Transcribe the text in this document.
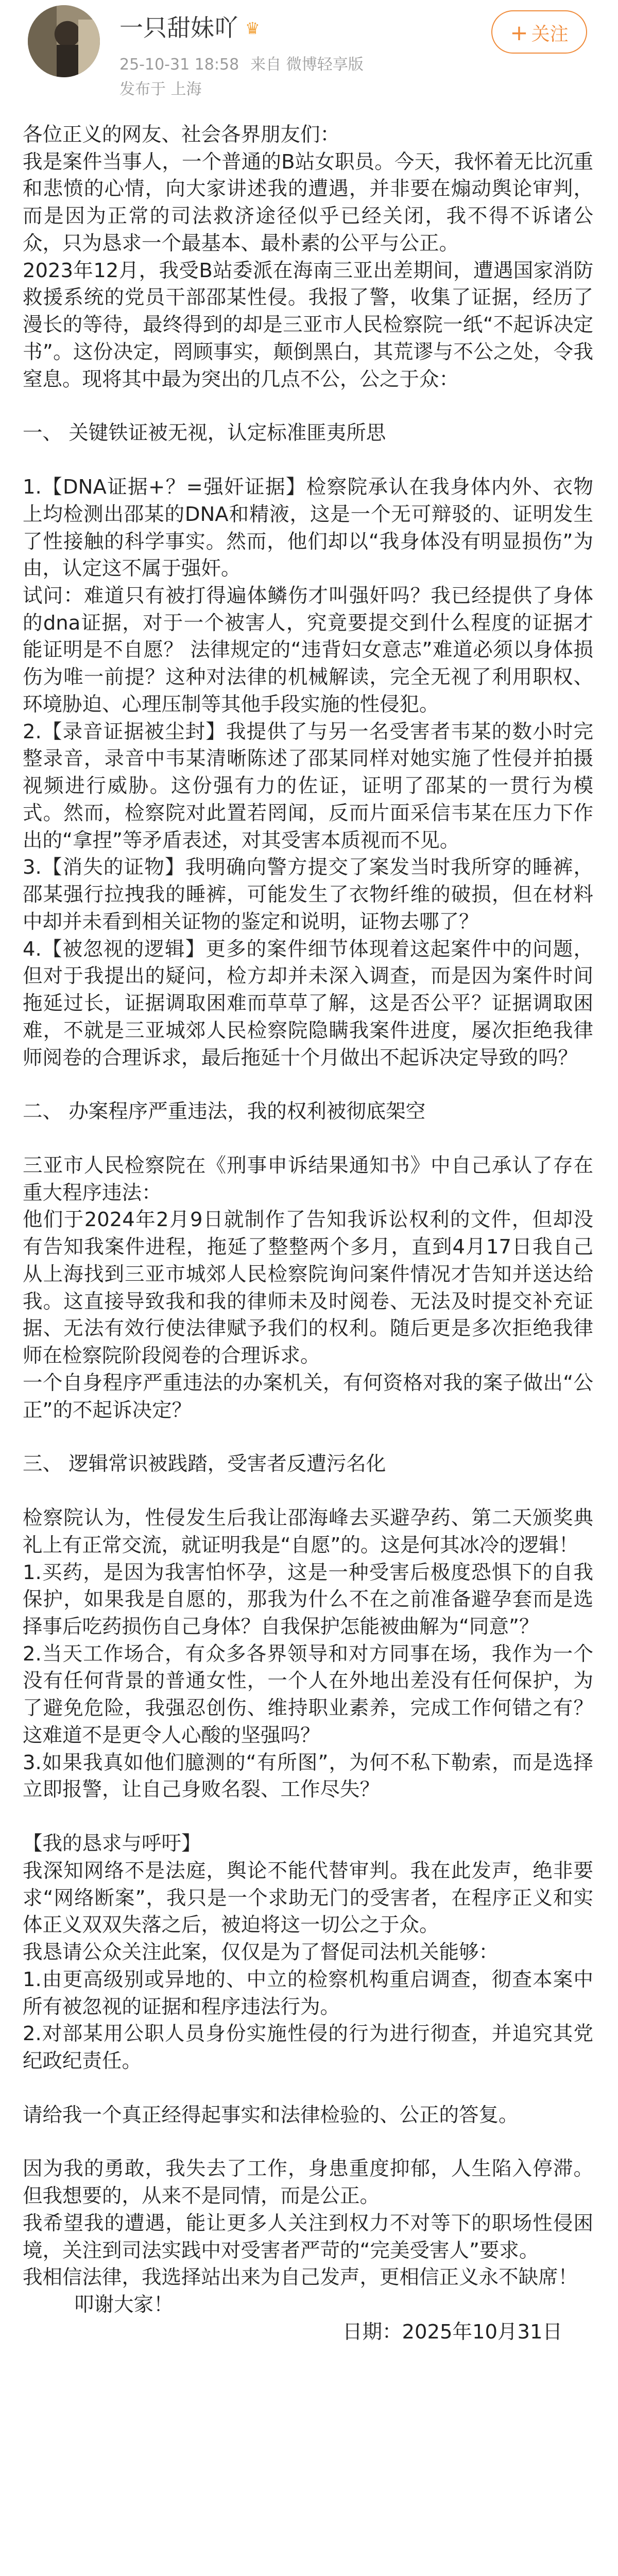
一只甜妹吖 ♛
25-10-31 18:58 来自 微博轻享版
发布于 上海
+ 关注

各位正义的网友、社会各界朋友们：

我是案件当事人，一个普通的B站女职员。今天，我怀着无比沉重和悲愤的心情，向大家讲述我的遭遇，并非要在煽动舆论审判，而是因为正常的司法救济途径似乎已经关闭，我不得不诉诸公众，只为恳求一个最基本、最朴素的公平与公正。

2023年12月，我受B站委派在海南三亚出差期间，遭遇国家消防救援系统的党员干部邵某性侵。我报了警，收集了证据，经历了漫长的等待，最终得到的却是三亚市人民检察院一纸“不起诉决定书”。这份决定，罔顾事实，颠倒黑白，其荒谬与不公之处，令我窒息。现将其中最为突出的几点不公，公之于众：

一、 关键铁证被无视，认定标准匪夷所思

1.【DNA证据+？=强奸证据】检察院承认在我身体内外、衣物上均检测出邵某的DNA和精液，这是一个无可辩驳的、证明发生了性接触的科学事实。然而，他们却以“我身体没有明显损伤”为由，认定这不属于强奸。

试问：难道只有被打得遍体鳞伤才叫强奸吗？我已经提供了身体的dna证据，对于一个被害人，究竟要提交到什么程度的证据才能证明是不自愿？ 法律规定的“违背妇女意志”难道必须以身体损伤为唯一前提？这种对法律的机械解读，完全无视了利用职权、环境胁迫、心理压制等其他手段实施的性侵犯。

2.【录音证据被尘封】我提供了与另一名受害者韦某的数小时完整录音，录音中韦某清晰陈述了邵某同样对她实施了性侵并拍摄视频进行威胁。这份强有力的佐证，证明了邵某的一贯行为模式。然而，检察院对此置若罔闻，反而片面采信韦某在压力下作出的“拿捏”等矛盾表述，对其受害本质视而不见。

3.【消失的证物】我明确向警方提交了案发当时我所穿的睡裤，邵某强行拉拽我的睡裤，可能发生了衣物纤维的破损，但在材料中却并未看到相关证物的鉴定和说明，证物去哪了？

4.【被忽视的逻辑】更多的案件细节体现着这起案件中的问题，但对于我提出的疑问，检方却并未深入调查，而是因为案件时间拖延过长，证据调取困难而草草了解，这是否公平？证据调取困难，不就是三亚城郊人民检察院隐瞒我案件进度，屡次拒绝我律师阅卷的合理诉求，最后拖延十个月做出不起诉决定导致的吗？

二、 办案程序严重违法，我的权利被彻底架空

三亚市人民检察院在《刑事申诉结果通知书》中自己承认了存在重大程序违法：

他们于2024年2月9日就制作了告知我诉讼权利的文件，但却没有告知我案件进程，拖延了整整两个多月，直到4月17日我自己从上海找到三亚市城郊人民检察院询问案件情况才告知并送达给我。这直接导致我和我的律师未及时阅卷、无法及时提交补充证据、无法有效行使法律赋予我们的权利。随后更是多次拒绝我律师在检察院阶段阅卷的合理诉求。

一个自身程序严重违法的办案机关，有何资格对我的案子做出“公正”的不起诉决定？

三、 逻辑常识被践踏，受害者反遭污名化

检察院认为，性侵发生后我让邵海峰去买避孕药、第二天颁奖典礼上有正常交流，就证明我是“自愿”的。这是何其冰冷的逻辑！

1.买药，是因为我害怕怀孕，这是一种受害后极度恐惧下的自我保护，如果我是自愿的，那我为什么不在之前准备避孕套而是选择事后吃药损伤自己身体？自我保护怎能被曲解为“同意”？

2.当天工作场合，有众多各界领导和对方同事在场，我作为一个没有任何背景的普通女性，一个人在外地出差没有任何保护，为了避免危险，我强忍创伤、维持职业素养，完成工作何错之有？这难道不是更令人心酸的坚强吗？

3.如果我真如他们臆测的“有所图”，为何不私下勒索，而是选择立即报警，让自己身败名裂、工作尽失？

【我的恳求与呼吁】

我深知网络不是法庭，舆论不能代替审判。我在此发声，绝非要求“网络断案”，我只是一个求助无门的受害者，在程序正义和实体正义双双失落之后，被迫将这一切公之于众。

我恳请公众关注此案，仅仅是为了督促司法机关能够：

1.由更高级别或异地的、中立的检察机构重启调查，彻查本案中所有被忽视的证据和程序违法行为。

2.对部某用公职人员身份实施性侵的行为进行彻查，并追究其党纪政纪责任。

请给我一个真正经得起事实和法律检验的、公正的答复。

因为我的勇敢，我失去了工作，身患重度抑郁，人生陷入停滞。但我想要的，从来不是同情，而是公正。

我希望我的遭遇，能让更多人关注到权力不对等下的职场性侵困境，关注到司法实践中对受害者严苛的“完美受害人”要求。

我相信法律，我选择站出来为自己发声，更相信正义永不缺席！

叩谢大家！

日期：2025年10月31日
